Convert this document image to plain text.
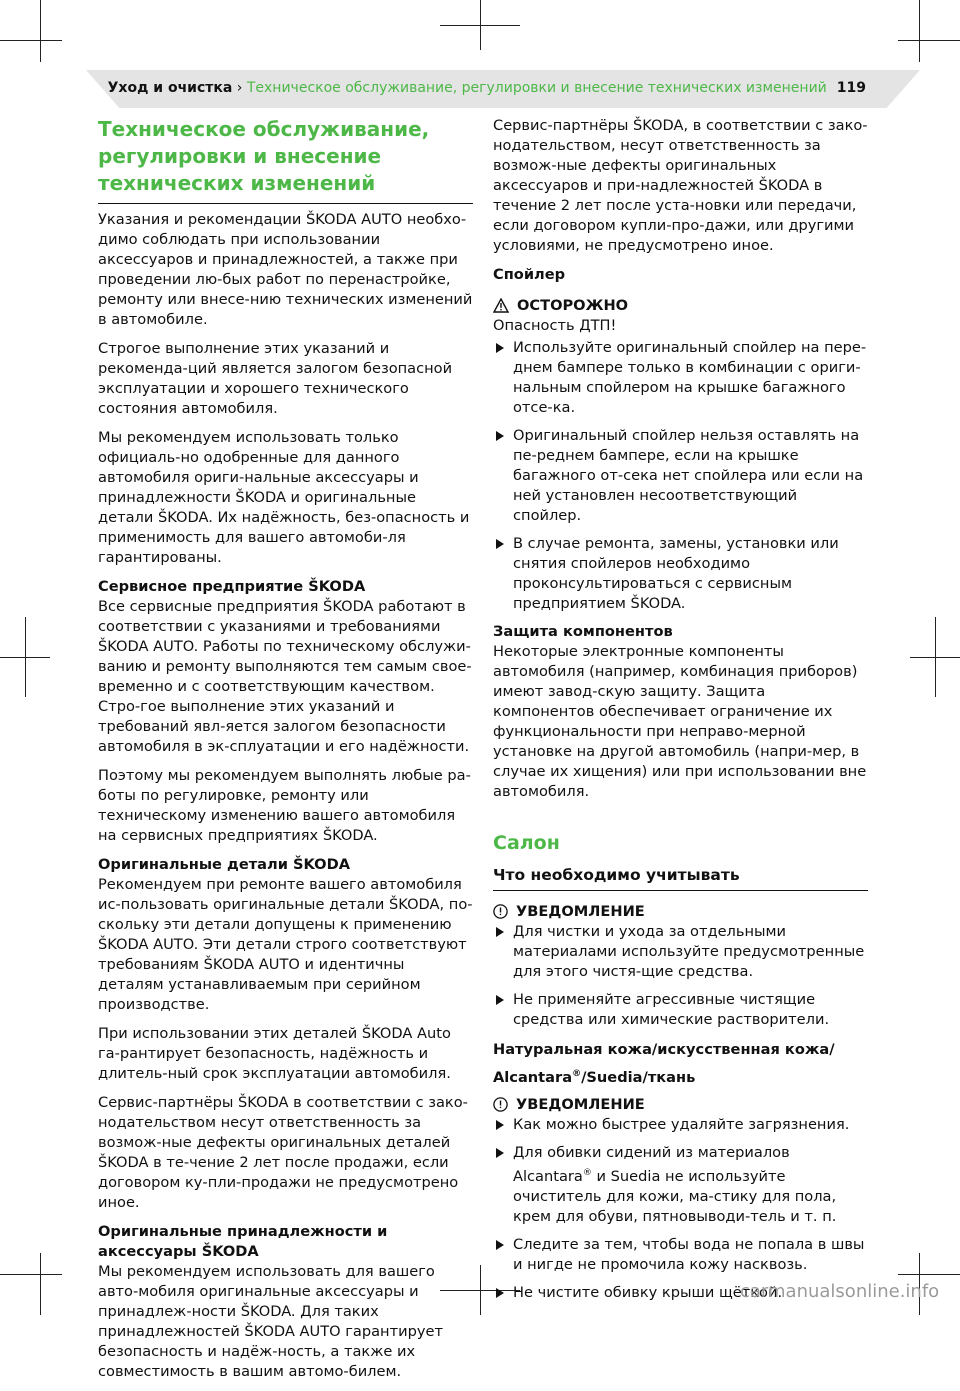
Уход и очистка › Техническое обслуживание, регулировки и внесение технических изменений 119
Техническое обслуживание, регулировки и внесение технических изменений

Указания и рекомендации ŠKODA AUTO необхо-димо соблюдать при использовании аксессуаров и принадлежностей, а также при проведении лю-бых работ по перенастройке, ремонту или внесе-нию технических изменений в автомобиле.

Строгое выполнение этих указаний и рекоменда-ций является залогом безопасной эксплуатации и хорошего технического состояния автомобиля.

Мы рекомендуем использовать только официаль-но одобренные для данного автомобиля ориги-нальные аксессуары и принадлежности ŠKODA и оригинальные детали ŠKODA. Их надёжность, без-опасность и применимость для вашего автомоби-ля гарантированы.

Сервисное предприятие ŠKODA
Все сервисные предприятия ŠKODA работают в соответствии с указаниями и требованиями ŠKODA AUTO. Работы по техническому обслужи-ванию и ремонту выполняются тем самым свое-временно и с соответствующим качеством. Стро-гое выполнение этих указаний и требований явл-яется залогом безопасности автомобиля в эк-сплуатации и его надёжности.

Поэтому мы рекомендуем выполнять любые ра-боты по регулировке, ремонту или техническому изменению вашего автомобиля на сервисных предприятиях ŠKODA.

Оригинальные детали ŠKODA
Рекомендуем при ремонте вашего автомобиля ис-пользовать оригинальные детали ŠKODA, по-скольку эти детали допущены к применению ŠKODA AUTO. Эти детали строго соответствуют требованиям ŠKODA AUTO и идентичны деталям устанавливаемым при серийном производстве.

При использовании этих деталей ŠKODA Auto га-рантирует безопасность, надёжность и длитель-ный срок эксплуатации автомобиля.

Сервис-партнёры ŠKODA в соответствии с зако-нодательством несут ответственность за возмож-ные дефекты оригинальных деталей ŠKODA в те-чение 2 лет после продажи, если договором ку-пли-продажи не предусмотрено иное.

Оригинальные принадлежности и аксессуары ŠKODA
Мы рекомендуем использовать для вашего авто-мобиля оригинальные аксессуары и принадлеж-ности ŠKODA. Для таких принадлежностей ŠKODA AUTO гарантирует безопасность и надёж-ность, а также их совместимость в вашим автомо-билем.

Сервис-партнёры ŠKODA, в соответствии с зако-нодательством, несут ответственность за возмож-ные дефекты оригинальных аксессуаров и при-надлежностей ŠKODA в течение 2 лет после уста-новки или передачи, если договором купли-про-дажи, или другими условиями, не предусмотрено иное.

Спойлер

ОСТОРОЖНО

Опасность ДТП!

Используйте оригинальный спойлер на пере-днем бампере только в комбинации с ориги-нальным спойлером на крышке багажного отсе-ка.
Оригинальный спойлер нельзя оставлять на пе-реднем бампере, если на крышке багажного от-сека нет спойлера или если на ней установлен несоответствующий спойлер.
В случае ремонта, замены, установки или снятия спойлеров необходимо проконсультироваться с сервисным предприятием ŠKODA.

Защита компонентов
Некоторые электронные компоненты автомобиля (например, комбинация приборов) имеют завод-скую защиту. Защита компонентов обеспечивает ограничение их функциональности при неправо-мерной установке на другой автомобиль (напри-мер, в случае их хищения) или при использовании вне автомобиля.

Салон
Что необходимо учитывать
УВЕДОМЛЕНИЕ
Для чистки и ухода за отдельными материалами используйте предусмотренные для этого чистя-щие средства.
Не применяйте агрессивные чистящие средства или химические растворители.

Натуральная кожа/искусственная кожа/ Alcantara®/Suedia/ткань

УВЕДОМЛЕНИЕ
Как можно быстрее удаляйте загрязнения.
Для обивки сидений из материалов Alcantara® и Suedia не используйте очиститель для кожи, ма-стику для пола, крем для обуви, пятновыводи-тель и т. п.
Следите за тем, чтобы вода не попала в швы и нигде не промочила кожу насквозь.
Не чистите обивку крыши щёткой.
carmanualsonline.info
